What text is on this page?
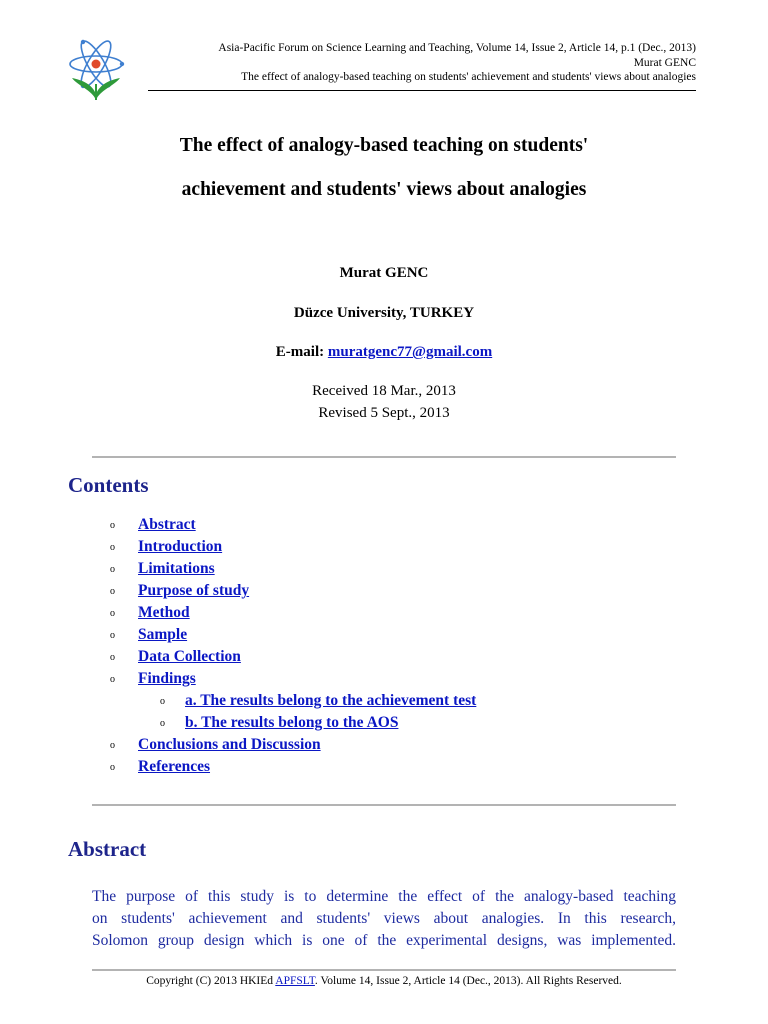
Asia-Pacific Forum on Science Learning and Teaching, Volume 14, Issue 2, Article 14, p.1 (Dec., 2013)
Murat GENC
The effect of analogy-based teaching on students' achievement and students' views about analogies
The effect of analogy-based teaching on students'
achievement and students' views about analogies
Murat GENC
Düzce University, TURKEY
E-mail: muratgenc77@gmail.com
Received 18 Mar., 2013
Revised 5 Sept., 2013
Contents
o Abstract
o Introduction
o Limitations
o Purpose of study
o Method
o Sample
o Data Collection
o Findings
o a. The results belong to the achievement test
o b. The results belong to the AOS
o Conclusions and Discussion
o References
Abstract
The purpose of this study is to determine the effect of the analogy-based teaching
on students' achievement and students' views about analogies. In this research,
Solomon group design which is one of the experimental designs, was implemented.
Copyright (C) 2013 HKIEd APFSLT. Volume 14, Issue 2, Article 14 (Dec., 2013). All Rights Reserved.
